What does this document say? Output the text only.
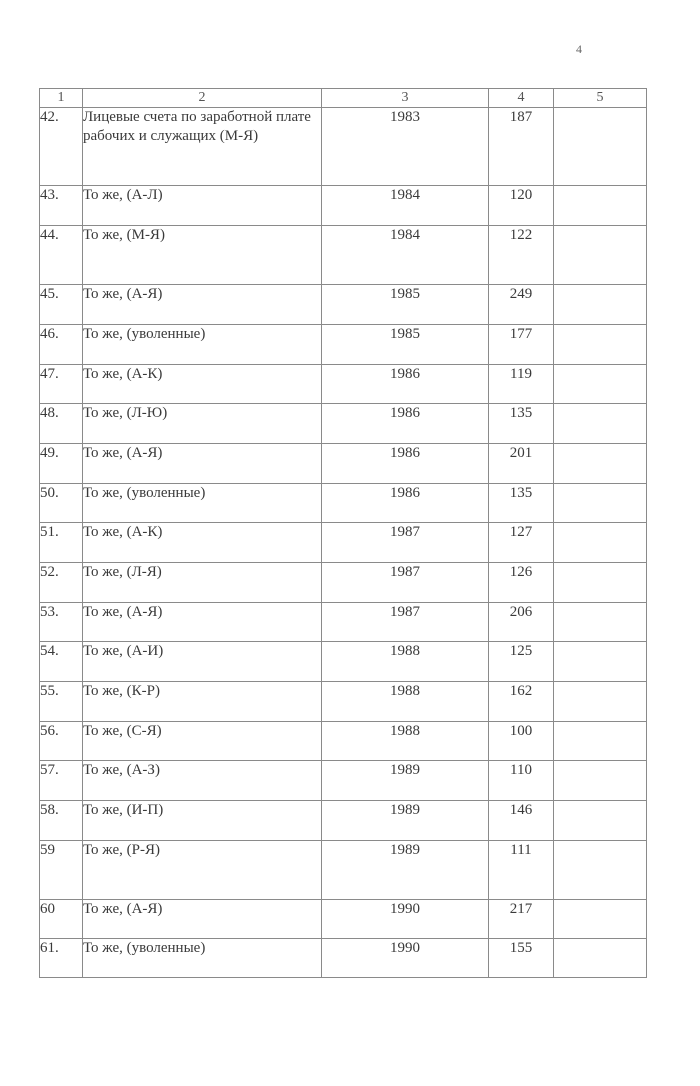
4
1	2	3	4	5
42.	Лицевые счета по заработной плате рабочих и служащих (М-Я)	1983	187	
43.	То же, (А-Л)	1984	120	
44.	То же, (М-Я)	1984	122	
45.	То же, (А-Я)	1985	249	
46.	То же, (уволенные)	1985	177	
47.	То же, (А-К)	1986	119	
48.	То же, (Л-Ю)	1986	135	
49.	То же, (А-Я)	1986	201	
50.	То же, (уволенные)	1986	135	
51.	То же, (А-К)	1987	127	
52.	То же, (Л-Я)	1987	126	
53.	То же, (А-Я)	1987	206	
54.	То же, (А-И)	1988	125	
55.	То же, (К-Р)	1988	162	
56.	То же, (С-Я)	1988	100	
57.	То же, (А-З)	1989	110	
58.	То же, (И-П)	1989	146	
59	То же, (Р-Я)	1989	111	
60	То же, (А-Я)	1990	217	
61.	То же, (уволенные)	1990	155	
